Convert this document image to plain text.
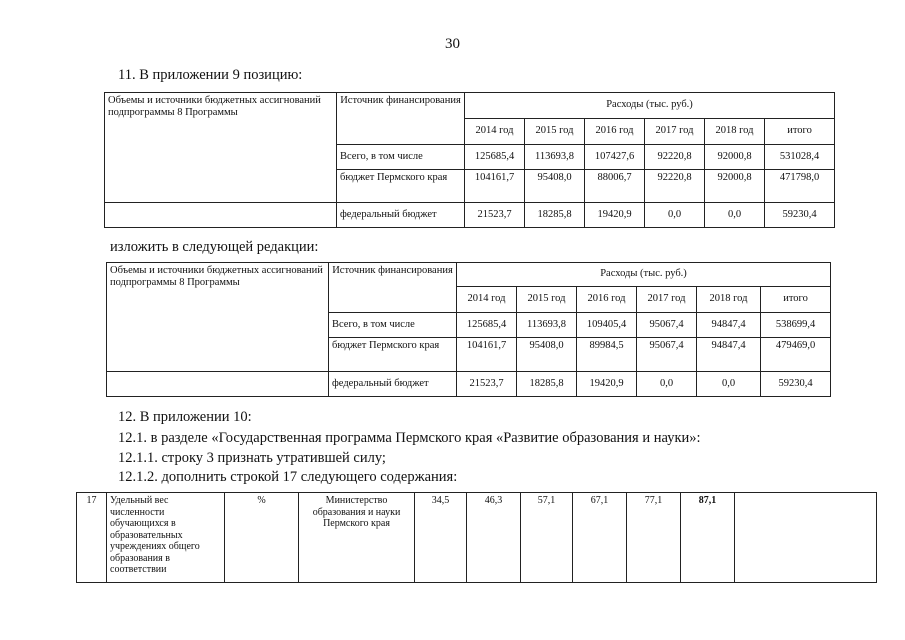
30
11. В приложении 9 позицию:
Объемы и источники бюджетных ассигнований подпрограммы 8 Программы	Источник финансирования	Расходы (тыс. руб.)					
		2014 год	2015 год	2016 год	2017 год	2018 год	итого
	Всего, в том числе	125685,4	113693,8	107427,6	92220,8	92000,8	531028,4
	бюджет Пермского края	104161,7	95408,0	88006,7	92220,8	92000,8	471798,0
	федеральный бюджет	21523,7	18285,8	19420,9	0,0	0,0	59230,4
изложить в следующей редакции:
Объемы и источники бюджетных ассигнований подпрограммы 8 Программы	Источник финансирования	Расходы (тыс. руб.)					
		2014 год	2015 год	2016 год	2017 год	2018 год	итого
	Всего, в том числе	125685,4	113693,8	109405,4	95067,4	94847,4	538699,4
	бюджет Пермского края	104161,7	95408,0	89984,5	95067,4	94847,4	479469,0
	федеральный бюджет	21523,7	18285,8	19420,9	0,0	0,0	59230,4
12. В приложении 10:
12.1. в разделе «Государственная программа Пермского края «Развитие образования и науки»:
12.1.1. строку 3 признать утратившей силу;
12.1.2. дополнить строкой 17 следующего содержания:
17	Удельный вес численности обучающихся в образовательных учреждениях общего образования в соответствии	%	Министерство образования и науки Пермского края	34,5	46,3	57,1	67,1	77,1	87,1	
